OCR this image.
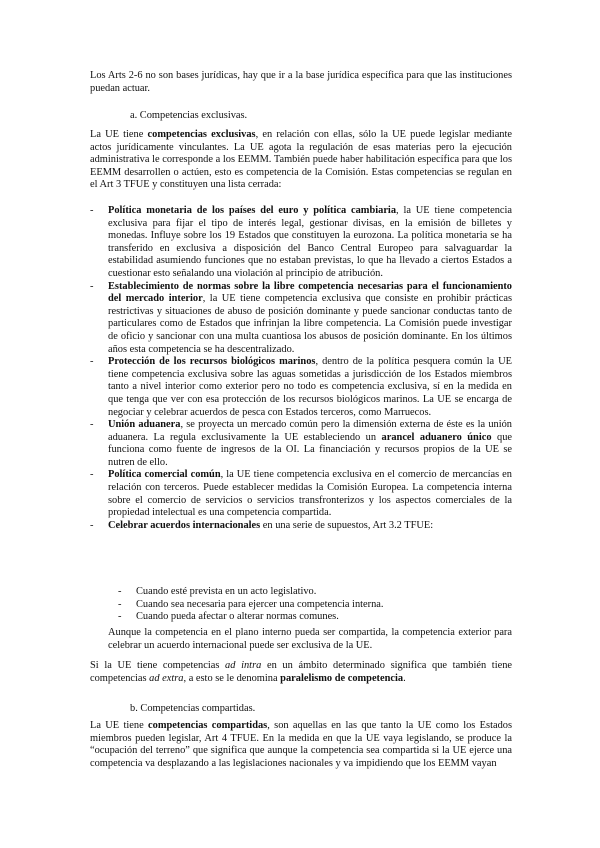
Los Arts 2-6 no son bases jurídicas, hay que ir a la base jurídica específica para que las instituciones puedan actuar.

a. Competencias exclusivas.

La UE tiene competencias exclusivas, en relación con ellas, sólo la UE puede legislar mediante actos jurídicamente vinculantes. La UE agota la regulación de esas materias pero la ejecución administrativa le corresponde a los EEMM. También puede haber habilitación específica para que los EEMM desarrollen o actúen, esto es competencia de la Comisión. Estas competencias se regulan en el Art 3 TFUE y constituyen una lista cerrada:

- Política monetaria de los países del euro y política cambiaria, la UE tiene competencia exclusiva para fijar el tipo de interés legal, gestionar divisas, en la emisión de billetes y monedas. Influye sobre los 19 Estados que constituyen la eurozona. La política monetaria se ha transferido en exclusiva a disposición del Banco Central Europeo para salvaguardar la estabilidad asumiendo funciones que no estaban previstas, lo que ha llevado a ciertos Estados a cuestionar esto señalando una violación al principio de atribución.
- Establecimiento de normas sobre la libre competencia necesarias para el funcionamiento del mercado interior, la UE tiene competencia exclusiva que consiste en prohibir prácticas restrictivas y situaciones de abuso de posición dominante y puede sancionar conductas tanto de particulares como de Estados que infrinjan la libre competencia. La Comisión puede investigar de oficio y sancionar con una multa cuantiosa los abusos de posición dominante. En los últimos años esta competencia se ha descentralizado.
- Protección de los recursos biológicos marinos, dentro de la política pesquera común la UE tiene competencia exclusiva sobre las aguas sometidas a jurisdicción de los Estados miembros tanto a nivel interior como exterior pero no todo es competencia exclusiva, sí en la medida en que tenga que ver con esa protección de los recursos biológicos marinos. La UE se encarga de negociar y celebrar acuerdos de pesca con Estados terceros, como Marruecos.
- Unión aduanera, se proyecta un mercado común pero la dimensión externa de éste es la unión aduanera. La regula exclusivamente la UE estableciendo un arancel aduanero único que funciona como fuente de ingresos de la OI. La financiación y recursos propios de la UE se nutren de ello.
- Política comercial común, la UE tiene competencia exclusiva en el comercio de mercancías en relación con terceros. Puede establecer medidas la Comisión Europea. La competencia interna sobre el comercio de servicios o servicios transfronterizos y los aspectos comerciales de la propiedad intelectual es una competencia compartida.
- Celebrar acuerdos internacionales en una serie de supuestos, Art 3.2 TFUE:
- Cuando esté prevista en un acto legislativo.
- Cuando sea necesaria para ejercer una competencia interna.
- Cuando pueda afectar o alterar normas comunes.

Aunque la competencia en el plano interno pueda ser compartida, la competencia exterior para celebrar un acuerdo internacional puede ser exclusiva de la UE.

Si la UE tiene competencias ad intra en un ámbito determinado significa que también tiene competencias ad extra, a esto se le denomina paralelismo de competencia.

b. Competencias compartidas.

La UE tiene competencias compartidas, son aquellas en las que tanto la UE como los Estados miembros pueden legislar, Art 4 TFUE. En la medida en que la UE vaya legislando, se produce la “ocupación del terreno” que significa que aunque la competencia sea compartida si la UE ejerce una competencia va desplazando a las legislaciones nacionales y va impidiendo que los EEMM vayan
